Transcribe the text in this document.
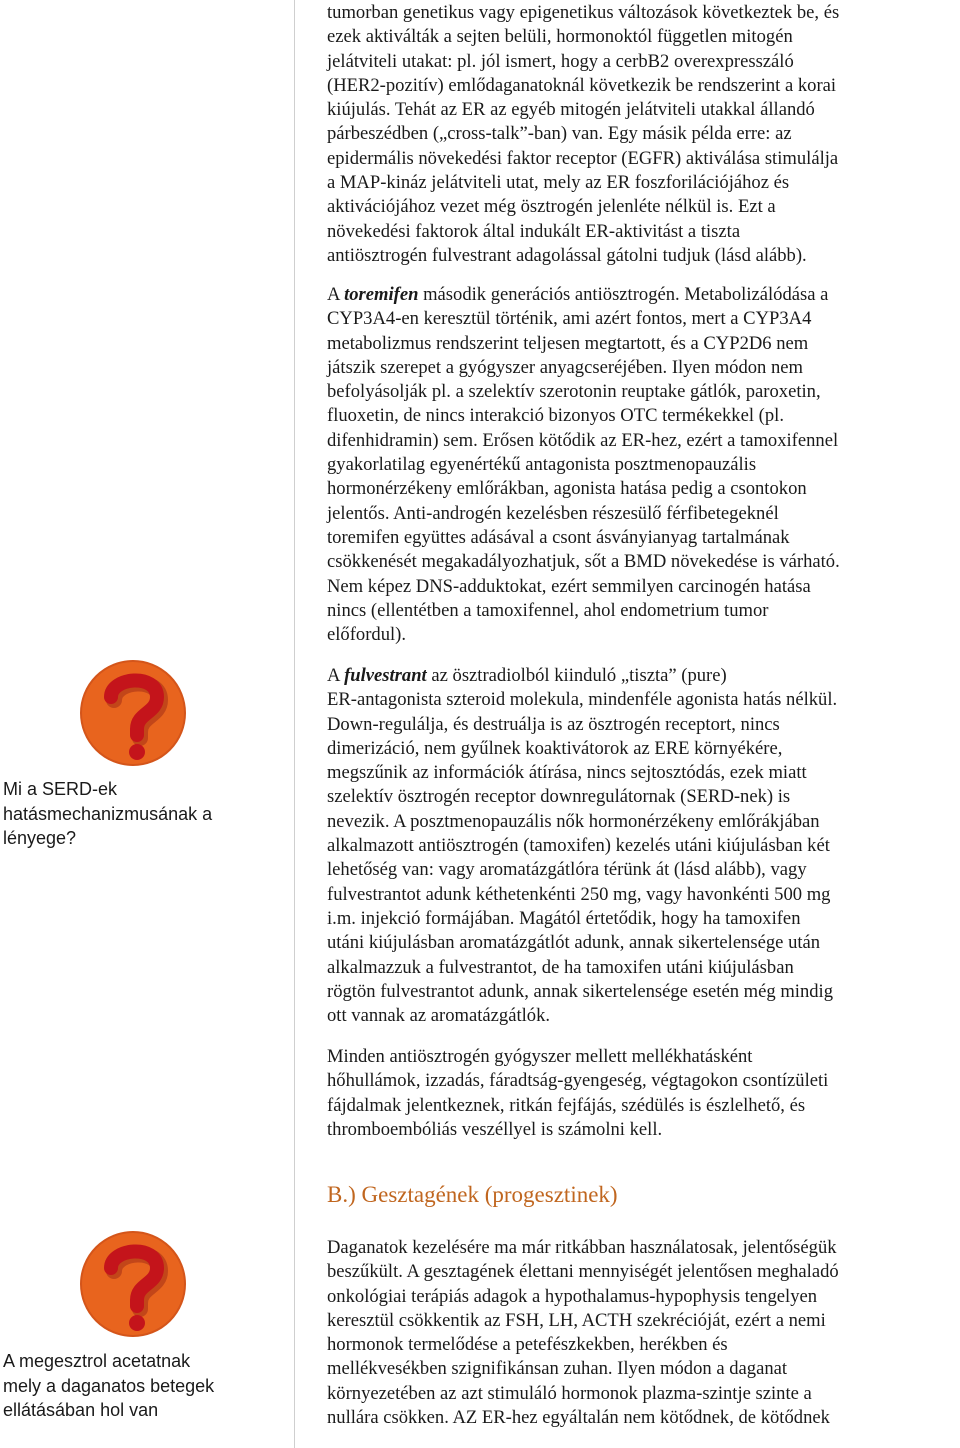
Mi a SERD-ek
hatásmechanizmusának a
lényege?

A megesztrol acetatnak
mely a daganatos betegek
ellátásában hol van

tumorban genetikus vagy epigenetikus változások következtek be, és
ezek aktiválták a sejten belüli, hormonoktól független mitogén
jelátviteli utakat: pl. jól ismert, hogy a cerbB2 overexpresszáló
(HER2-pozitív) emlődaganatoknál következik be rendszerint a korai
kiújulás. Tehát az ER az egyéb mitogén jelátviteli utakkal állandó
párbeszédben („cross-talk”-ban) van. Egy másik példa erre: az
epidermális növekedési faktor receptor (EGFR) aktiválása stimulálja
a MAP-kináz jelátviteli utat, mely az ER foszforilációjához és
aktivációjához vezet még ösztrogén jelenléte nélkül is. Ezt a
növekedési faktorok által indukált ER-aktivitást a tiszta
antiösztrogén fulvestrant adagolással gátolni tudjuk (lásd alább).
A toremifen második generációs antiösztrogén. Metabolizálódása a
CYP3A4-en keresztül történik, ami azért fontos, mert a CYP3A4
metabolizmus rendszerint teljesen megtartott, és a CYP2D6 nem
játszik szerepet a gyógyszer anyagcseréjében. Ilyen módon nem
befolyásolják pl. a szelektív szerotonin reuptake gátlók, paroxetin,
fluoxetin, de nincs interakció bizonyos OTC termékekkel (pl.
difenhidramin) sem. Erősen kötődik az ER-hez, ezért a tamoxifennel
gyakorlatilag egyenértékű antagonista posztmenopauzális
hormonérzékeny emlőrákban, agonista hatása pedig a csontokon
jelentős. Anti-androgén kezelésben részesülő férfibetegeknél
toremifen együttes adásával a csont ásványianyag tartalmának
csökkenését megakadályozhatjuk, sőt a BMD növekedése is várható.
Nem képez DNS-adduktokat, ezért semmilyen carcinogén hatása
nincs (ellentétben a tamoxifennel, ahol endometrium tumor
előfordul).
A fulvestrant az ösztradiolból kiinduló „tiszta” (pure)
ER-antagonista szteroid molekula, mindenféle agonista hatás nélkül.
Down-regulálja, és destruálja is az ösztrogén receptort, nincs
dimerizáció, nem gyűlnek koaktivátorok az ERE környékére,
megszűnik az információk átírása, nincs sejtosztódás, ezek miatt
szelektív ösztrogén receptor downregulátornak (SERD-nek) is
nevezik. A posztmenopauzális nők hormonérzékeny emlőrákjában
alkalmazott antiösztrogén (tamoxifen) kezelés utáni kiújulásban két
lehetőség van: vagy aromatázgátlóra térünk át (lásd alább), vagy
fulvestrantot adunk kéthetenkénti 250 mg, vagy havonkénti 500 mg
i.m. injekció formájában. Magától értetődik, hogy ha tamoxifen
utáni kiújulásban aromatázgátlót adunk, annak sikertelensége után
alkalmazzuk a fulvestrantot, de ha tamoxifen utáni kiújulásban
rögtön fulvestrantot adunk, annak sikertelensége esetén még mindig
ott vannak az aromatázgátlók.
Minden antiösztrogén gyógyszer mellett mellékhatásként
hőhullámok, izzadás, fáradtság-gyengeség, végtagokon csontízületi
fájdalmak jelentkeznek, ritkán fejfájás, szédülés is észlelhető, és
thromboembóliás veszéllyel is számolni kell.
B.) Gesztagének (progesztinek)
Daganatok kezelésére ma már ritkábban használatosak, jelentőségük
beszűkült. A gesztagének élettani mennyiségét jelentősen meghaladó
onkológiai terápiás adagok a hypothalamus-hypophysis tengelyen
keresztül csökkentik az FSH, LH, ACTH szekrécióját, ezért a nemi
hormonok termelődése a petefészkekben, herékben és
mellékvesékben szignifikánsan zuhan. Ilyen módon a daganat
környezetében az azt stimuláló hormonok plazma-szintje szinte a
nullára csökken. AZ ER-hez egyáltalán nem kötődnek, de kötődnek
